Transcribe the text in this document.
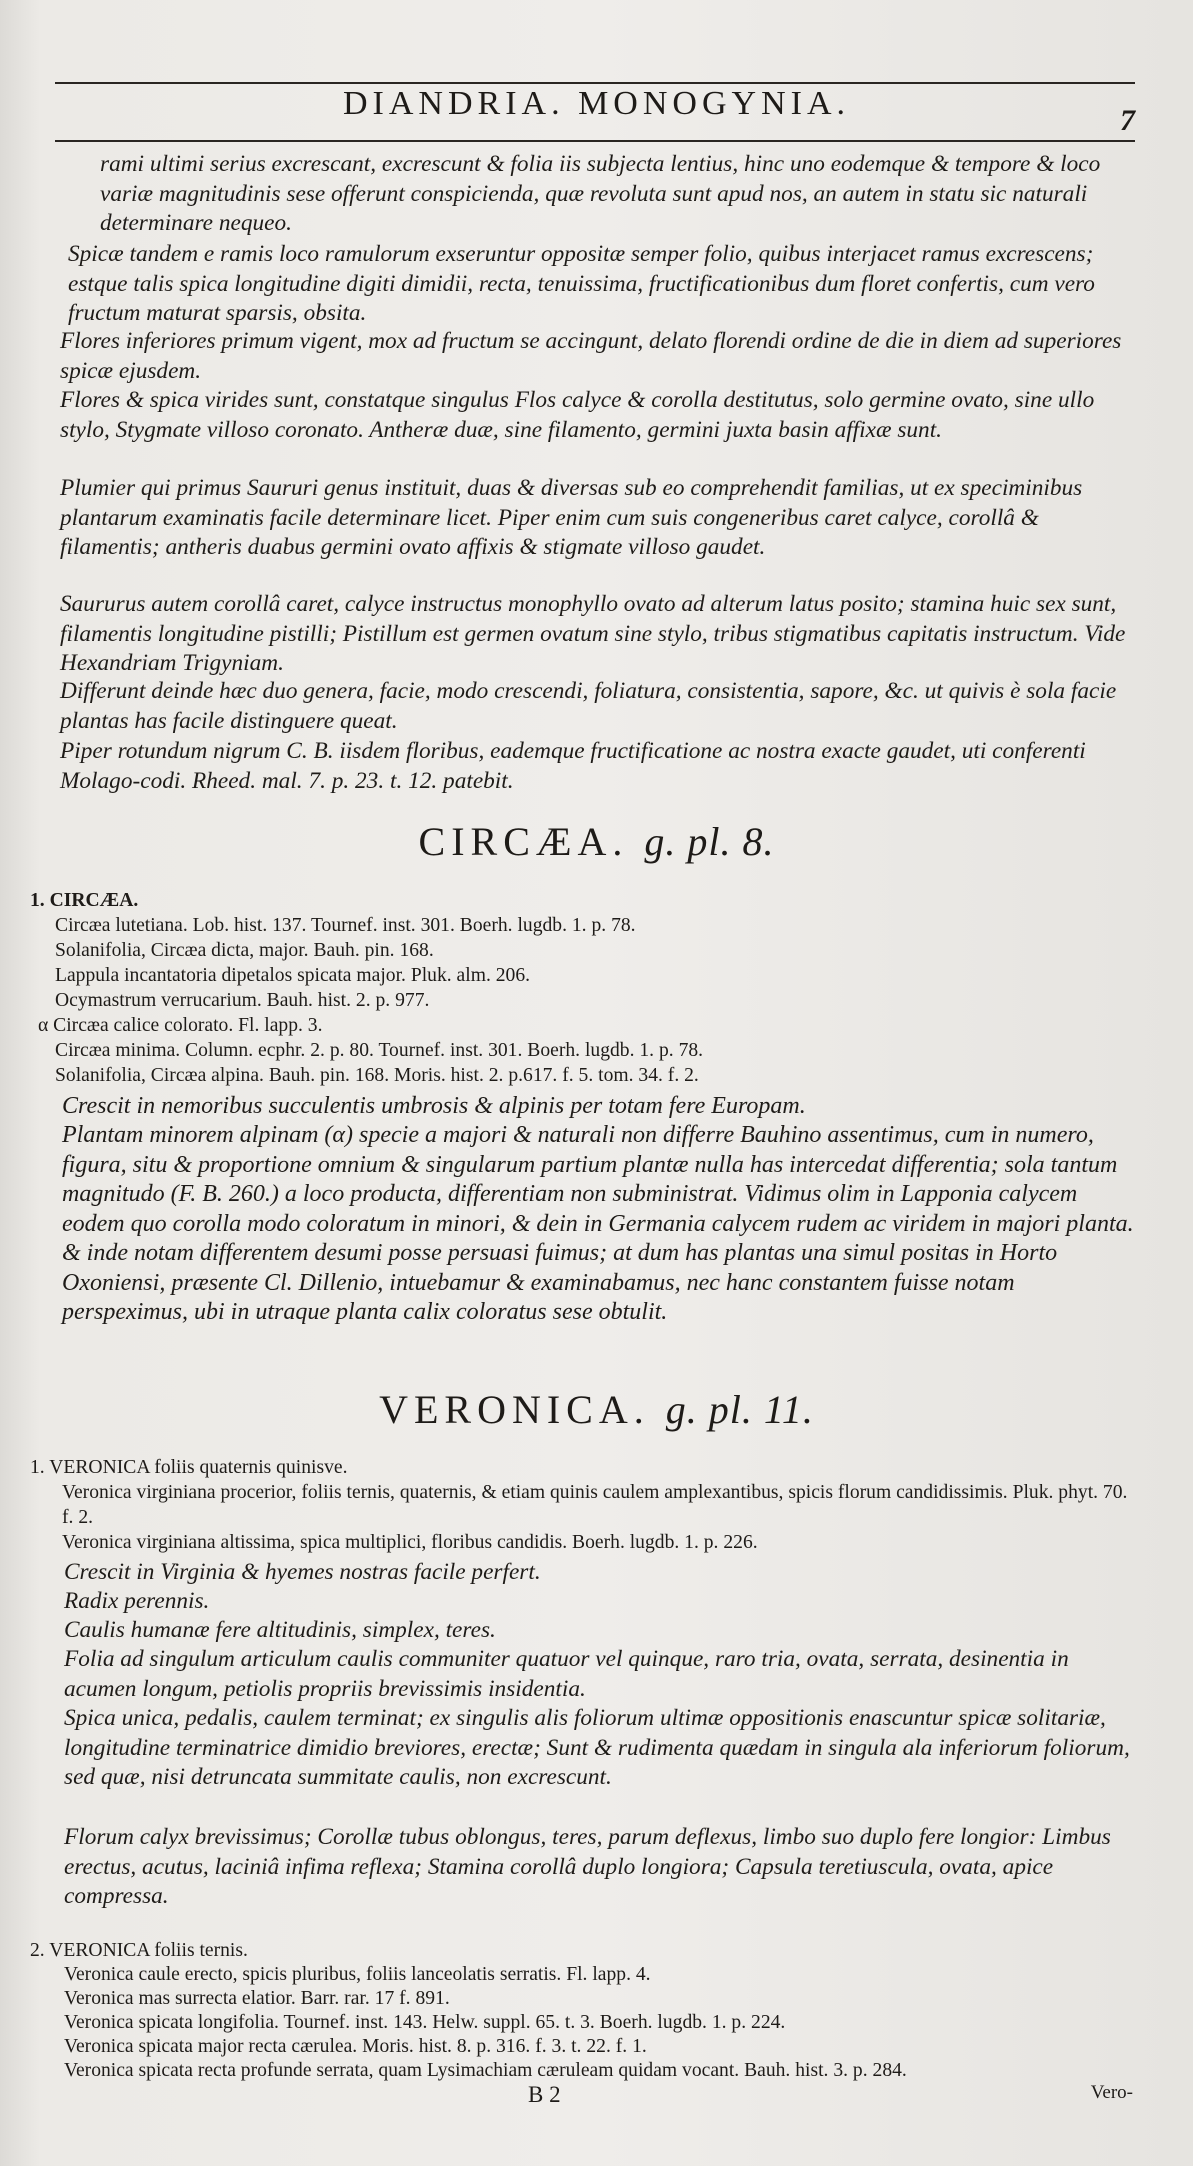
DIANDRIA. MONOGYNIA.	7
rami ultimi serius excrescant, excrescunt & folia iis subjecta lentius, hinc uno eodemque & tempore & loco variæ magnitudinis sese offerunt conspicienda, quæ revoluta sunt apud nos, an autem in statu sic naturali determinare nequeo.
Spicæ tandem e ramis loco ramulorum exseruntur oppositæ semper folio, quibus interjacet ramus excrescens; estque talis spica longitudine digiti dimidii, recta, tenuissima, fructificationibus dum floret confertis, cum vero fructum maturat sparsis, obsita.
Flores inferiores primum vigent, mox ad fructum se accingunt, delato florendi ordine de die in diem ad superiores spicæ ejusdem.
Flores & spica virides sunt, constatque singulus Flos calyce & corolla destitutus, solo germine ovato, sine ullo stylo, Stygmate villoso coronato. Antheræ duæ, sine filamento, germini juxta basin affixæ sunt.
Plumier qui primus Saururi genus instituit, duas & diversas sub eo comprehendit familias, ut ex speciminibus plantarum examinatis facile determinare licet. Piper enim cum suis congeneribus caret calyce, corollâ & filamentis; antheris duabus germini ovato affixis & stigmate villoso gaudet.
Saururus autem corollâ caret, calyce instructus monophyllo ovato ad alterum latus posito; stamina huic sex sunt, filamentis longitudine pistilli; Pistillum est germen ovatum sine stylo, tribus stigmatibus capitatis instructum. Vide Hexandriam Trigyniam.
Differunt deinde hæc duo genera, facie, modo crescendi, foliatura, consistentia, sapore, &c. ut quivis è sola facie plantas has facile distinguere queat.
Piper rotundum nigrum C. B. iisdem floribus, eademque fructificatione ac nostra exacte gaudet, uti conferenti Molago-codi. Rheed. mal. 7. p. 23. t. 12. patebit.
CIRCÆA. g. pl. 8.
1. CIRCÆA.
Circæa lutetiana. Lob. hist. 137. Tournef. inst. 301. Boerh. lugdb. 1. p. 78.
Solanifolia, Circæa dicta, major. Bauh. pin. 168.
Lappula incantatoria dipetalos spicata major. Pluk. alm. 206.
Ocymastrum verrucarium. Bauh. hist. 2. p. 977.
α Circæa calice colorato. Fl. lapp. 3.
Circæa minima. Column. ecphr. 2. p. 80. Tournef. inst. 301. Boerh. lugdb. 1. p. 78.
Solanifolia, Circæa alpina. Bauh. pin. 168. Moris. hist. 2. p.617. f. 5. tom. 34. f. 2.
Crescit in nemoribus succulentis umbrosis & alpinis per totam fere Europam.
Plantam minorem alpinam (α) specie a majori & naturali non differre Bauhino assentimus, cum in numero, figura, situ & proportione omnium & singularum partium plantæ nulla has intercedat differentia; sola tantum magnitudo (F. B. 260.) a loco producta, differentiam non subministrat. Vidimus olim in Lapponia calycem eodem quo corolla modo coloratum in minori, & dein in Germania calycem rudem ac viridem in majori planta. & inde notam differentem desumi posse persuasi fuimus; at dum has plantas una simul positas in Horto Oxoniensi, præsente Cl. Dillenio, intuebamur & examinabamus, nec hanc constantem fuisse notam perspeximus, ubi in utraque planta calix coloratus sese obtulit.
VERONICA. g. pl. 11.
1. VERONICA foliis quaternis quinisve.
Veronica virginiana procerior, foliis ternis, quaternis, & etiam quinis caulem amplexantibus, spicis florum candidissimis. Pluk. phyt. 70. f. 2.
Veronica virginiana altissima, spica multiplici, floribus candidis. Boerh. lugdb. 1. p. 226.
Crescit in Virginia & hyemes nostras facile perfert.
Radix perennis.
Caulis humanæ fere altitudinis, simplex, teres.
Folia ad singulum articulum caulis communiter quatuor vel quinque, raro tria, ovata, serrata, desinentia in acumen longum, petiolis propriis brevissimis insidentia.
Spica unica, pedalis, caulem terminat; ex singulis alis foliorum ultimæ oppositionis enascuntur spicæ solitariæ, longitudine terminatrice dimidio breviores, erectæ; Sunt & rudimenta quædam in singula ala inferiorum foliorum, sed quæ, nisi detruncata summitate caulis, non excrescunt.
Florum calyx brevissimus; Corollæ tubus oblongus, teres, parum deflexus, limbo suo duplo fere longior: Limbus erectus, acutus, laciniâ infima reflexa; Stamina corollâ duplo longiora; Capsula teretiuscula, ovata, apice compressa.
2. VERONICA foliis ternis.
Veronica caule erecto, spicis pluribus, foliis lanceolatis serratis. Fl. lapp. 4.
Veronica mas surrecta elatior. Barr. rar. 17 f. 891.
Veronica spicata longifolia. Tournef. inst. 143. Helw. suppl. 65. t. 3. Boerh. lugdb. 1. p. 224.
Veronica spicata major recta cærulea. Moris. hist. 8. p. 316. f. 3. t. 22. f. 1.
Veronica spicata recta profunde serrata, quam Lysimachiam cæruleam quidam vocant. Bauh. hist. 3. p. 284.
B 2	Vero-
